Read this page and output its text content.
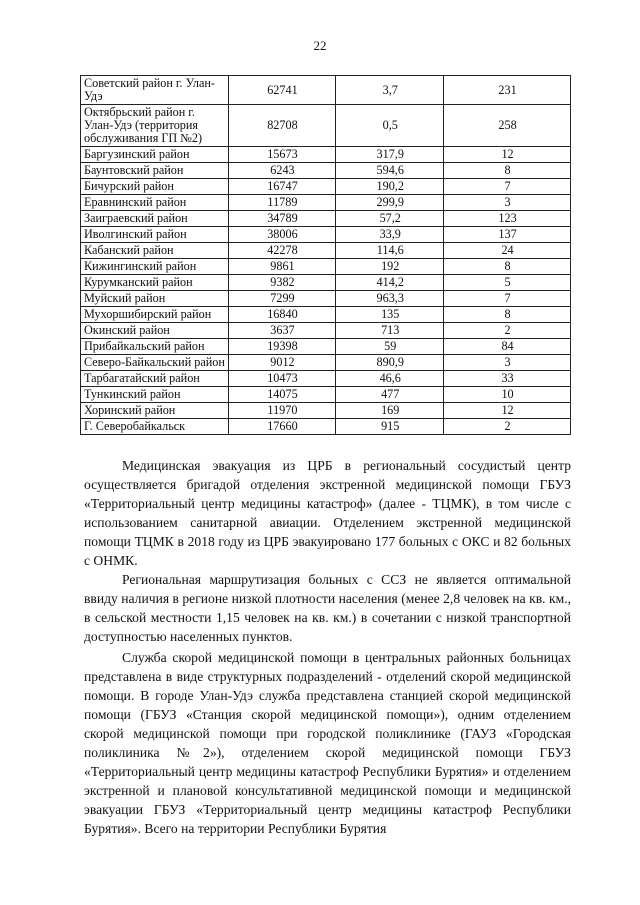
22
Советский район г. Улан-Удэ	62741	3,7	231
Октябрьский район г. Улан-Удэ (территория обслуживания ГП №2)	82708	0,5	258
Баргузинский район	15673	317,9	12
Баунтовский район	6243	594,6	8
Бичурский район	16747	190,2	7
Еравнинский район	11789	299,9	3
Заиграевский район	34789	57,2	123
Иволгинский район	38006	33,9	137
Кабанский район	42278	114,6	24
Кижингинский район	9861	192	8
Курумканский район	9382	414,2	5
Муйский район	7299	963,3	7
Мухоршибирский район	16840	135	8
Окинский район	3637	713	2
Прибайкальский район	19398	59	84
Северо-Байкальский район	9012	890,9	3
Тарбагатайский район	10473	46,6	33
Тункинский район	14075	477	10
Хоринский район	11970	169	12
Г. Северобайкальск	17660	915	2

Медицинская эвакуация из ЦРБ в региональный сосудистый центр осуществляется бригадой отделения экстренной медицинской помощи ГБУЗ «Территориальный центр медицины катастроф» (далее - ТЦМК), в том числе с использованием санитарной авиации. Отделением экстренной медицинской помощи ТЦМК в 2018 году из ЦРБ эвакуировано 177 больных с ОКС и 82 больных с ОНМК.

Региональная маршрутизация больных с ССЗ не является оптимальной ввиду наличия в регионе низкой плотности населения (менее 2,8 человек на кв. км., в сельской местности 1,15 человек на кв. км.) в сочетании с низкой транспортной доступностью населенных пунктов.

Служба скорой медицинской помощи в центральных районных больницах представлена в виде структурных подразделений - отделений скорой медицинской помощи. В городе Улан-Удэ служба представлена станцией скорой медицинской помощи (ГБУЗ «Станция скорой медицинской помощи»), одним отделением скорой медицинской помощи при городской поликлинике (ГАУЗ «Городская поликлиника №2»), отделением скорой медицинской помощи ГБУЗ «Территориальный центр медицины катастроф Республики Бурятия» и отделением экстренной и плановой консультативной медицинской помощи и медицинской эвакуации ГБУЗ «Территориальный центр медицины катастроф Республики Бурятия». Всего на территории Республики Бурятия
